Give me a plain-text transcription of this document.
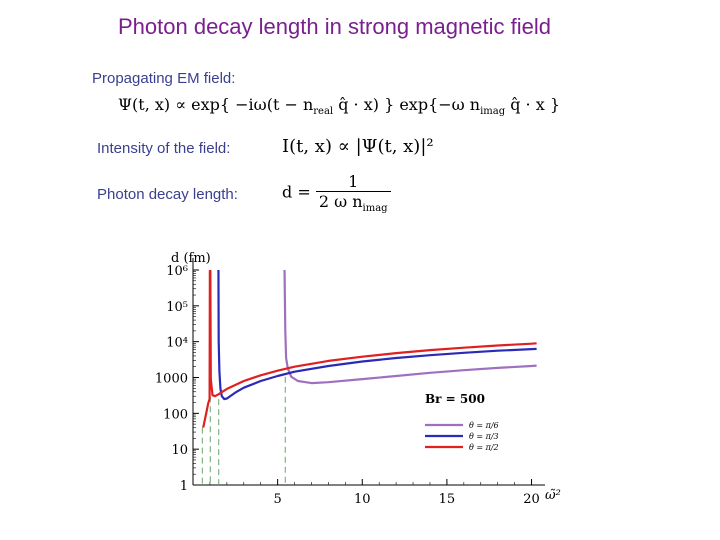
Photon decay length in strong magnetic field
Propagating EM field:
Ψ(t, $x) \propto \exp\{ -i\omega(t - n_{real}$ q̂ · x) } exp{−ω $n_{imag}$ q̂ · x }
Intensity of the field:	I(t, x) ∝ |Ψ(t, x)|²
Photon decay length:	$d = \frac{1}{2 \omega n_{imag}}$
1
10
100
1000
10⁴
10⁵
10⁶
5	10	15	20
d (fm)
ω̃²
Br = 500
θ = π/6
θ = π/3
θ = π/2
